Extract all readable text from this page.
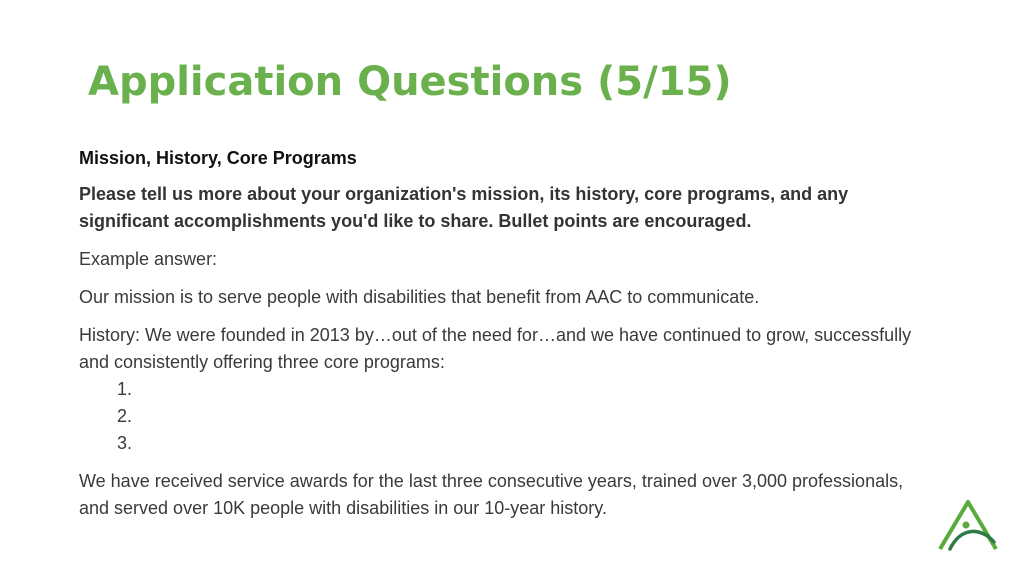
Application Questions (5/15)

Mission, History, Core Programs

Please tell us more about your organization's mission, its history, core programs, and any significant accomplishments you'd like to share. Bullet points are encouraged.

Example answer:

Our mission is to serve people with disabilities that benefit from AAC to communicate.

History: We were founded in 2013 by…out of the need for…and we have continued to grow, successfully and consistently offering three core programs:

1.
2.
3.

We have received service awards for the last three consecutive years, trained over 3,000 professionals, and served over 10K people with disabilities in our 10-year history.
